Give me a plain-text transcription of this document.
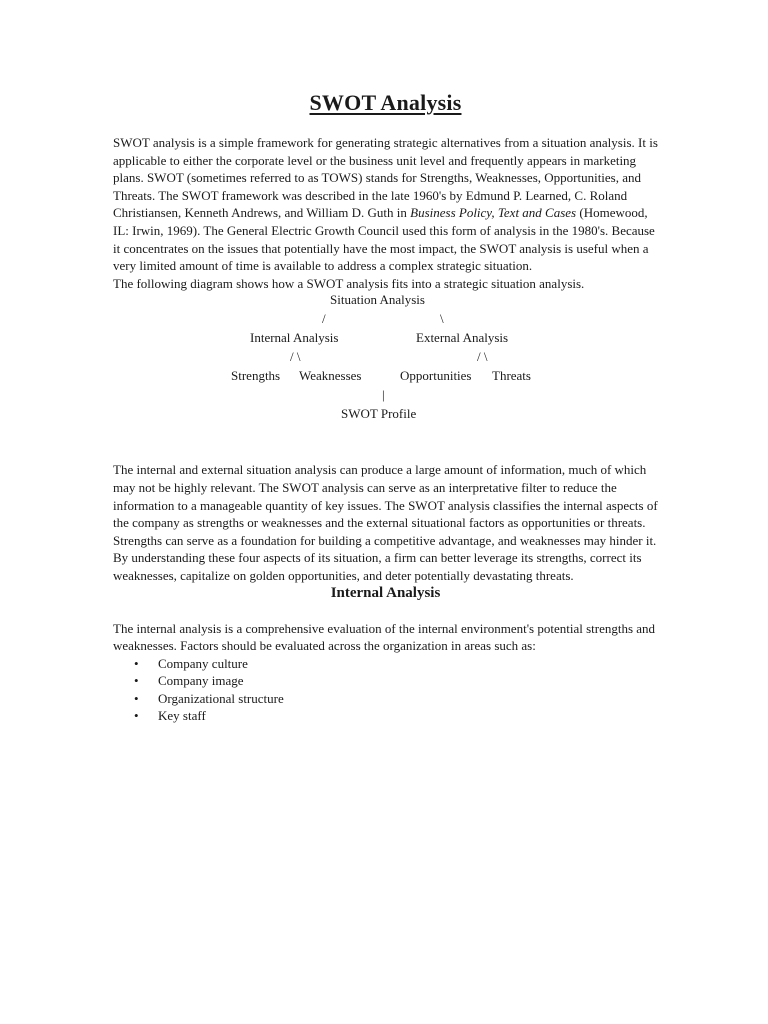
SWOT Analysis

SWOT analysis is a simple framework for generating strategic alternatives from a situation analysis. It is applicable to either the corporate level or the business unit level and frequently appears in marketing plans. SWOT (sometimes referred to as TOWS) stands for Strengths, Weaknesses, Opportunities, and Threats. The SWOT framework was described in the late 1960's by Edmund P. Learned, C. Roland Christiansen, Kenneth Andrews, and William D. Guth in Business Policy, Text and Cases (Homewood, IL: Irwin, 1969). The General Electric Growth Council used this form of analysis in the 1980's. Because it concentrates on the issues that potentially have the most impact, the SWOT analysis is useful when a very limited amount of time is available to address a complex strategic situation.

The following diagram shows how a SWOT analysis fits into a strategic situation analysis.

Situation Analysis
/	\
Internal Analysis	External Analysis
/ \	/ \
Strengths Weaknesses	Opportunities Threats
|
SWOT Profile

The internal and external situation analysis can produce a large amount of information, much of which may not be highly relevant. The SWOT analysis can serve as an interpretative filter to reduce the information to a manageable quantity of key issues. The SWOT analysis classifies the internal aspects of the company as strengths or weaknesses and the external situational factors as opportunities or threats. Strengths can serve as a foundation for building a competitive advantage, and weaknesses may hinder it. By understanding these four aspects of its situation, a firm can better leverage its strengths, correct its weaknesses, capitalize on golden opportunities, and deter potentially devastating threats.

Internal Analysis

The internal analysis is a comprehensive evaluation of the internal environment's potential strengths and weaknesses. Factors should be evaluated across the organization in areas such as:

• Company culture
• Company image
• Organizational structure
• Key staff
